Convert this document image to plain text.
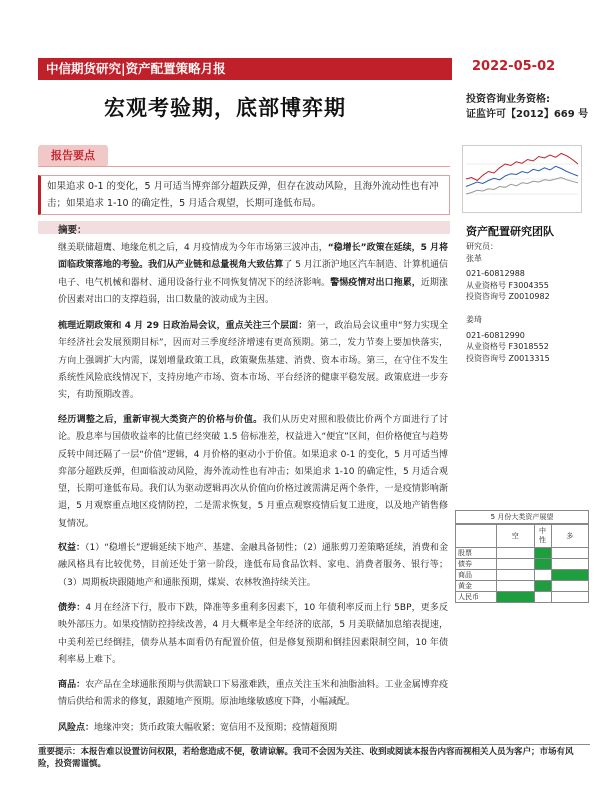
中信期货研究|资产配置策略月报	2022-05-02
宏观考验期，底部博弈期	投资咨询业务资格:
证监许可【2012】669 号
报告要点
如果追求 0-1 的变化，5 月可适当博弈部分超跌反弹，但存在波动风险，且海外流动性也有冲击；如果追求 1-10 的确定性，5 月适合观望，长期可逢低布局。
摘要：
继美联储超鹰、地缘危机之后，4 月疫情成为今年市场第三波冲击，“稳增长”政策在延续，5 月将面临政策落地的考验。我们从产业链和总量视角大致估算了 5 月江浙沪地区汽车制造、计算机通信电子、电气机械和器材、通用设备行业不同恢复情况下的经济影响。警惕疫情对出口拖累，近期涨价因素对出口的支撑趋弱，出口数量的波动成为主因。
梳理近期政策和 4 月 29 日政治局会议，重点关注三个层面：第一，政治局会议重申“努力实现全年经济社会发展预期目标”，因而对三季度经济增速有更高预期。第二，发力节奏上要加快落实，方向上强调扩大内需，谋划增量政策工具，政策聚焦基建、消费、资本市场。第三，在守住不发生系统性风险底线情况下，支持房地产市场、资本市场、平台经济的健康平稳发展。政策底进一步夯实，有助预期改善。
经历调整之后，重新审视大类资产的价格与价值。我们从历史对照和股债比价两个方面进行了讨论。股息率与国债收益率的比值已经突破 1.5 倍标准差，权益进入“便宜”区间，但价格便宜与趋势反转中间还隔了一层“价值”逻辑，4 月价格的驱动小于价值。如果追求 0-1 的变化，5 月可适当博弈部分超跌反弹，但面临波动风险，海外流动性也有冲击；如果追求 1-10 的确定性，5 月适合观望，长期可逢低布局。我们认为驱动逻辑再次从价值向价格过渡需满足两个条件，一是疫情影响渐退，5 月观察重点地区疫情防控，二是需求恢复，5 月重点观察疫情后复工进度，以及地产销售修复情况。
权益：（1）“稳增长”逻辑延续下地产、基建、金融具备韧性；（2）通胀剪刀差策略延续，消费和金融风格具有比较优势，目前还处于第一阶段，逢低布局食品饮料、家电、消费者服务、银行等；（3）周期板块跟随地产和通胀预期，煤炭、农林牧渔持续关注。
债券：4 月在经济下行，股市下跌，降准等多重利多因素下，10 年债利率反而上行 5BP，更多反映外部压力。如果疫情防控持续改善，4 月大概率是全年经济的底部，5 月美联储加息缩表提速，中美利差已经倒挂，债券从基本面看仍有配置价值，但是修复预期和倒挂因素限制空间，10 年债利率易上难下。
商品：农产品在全球通胀预期与供需缺口下易涨难跌，重点关注玉米和油脂油料。工业金属博弈疫情后供给和需求的修复，跟随地产预期。原油地缘敏感度下降，小幅减配。
风险点：地缘冲突；货币政策大幅收紧；宽信用不及预期；疫情超预期
资产配置研究团队
研究员：
张革
021-60812988
从业资格号 F3004355
投资咨询号 Z0010982
姜琦
021-60812990
从业资格号 F3018552
投资咨询号 Z0013315
5 月份大类资产展望
	空	中性	多
股票			
债券			
商品			
黄金			
人民币			
重要提示：本报告难以设置访问权限，若给您造成不便，敬请谅解。我司不会因为关注、收到或阅读本报告内容而视相关人员为客户；市场有风险，投资需谨慎。
